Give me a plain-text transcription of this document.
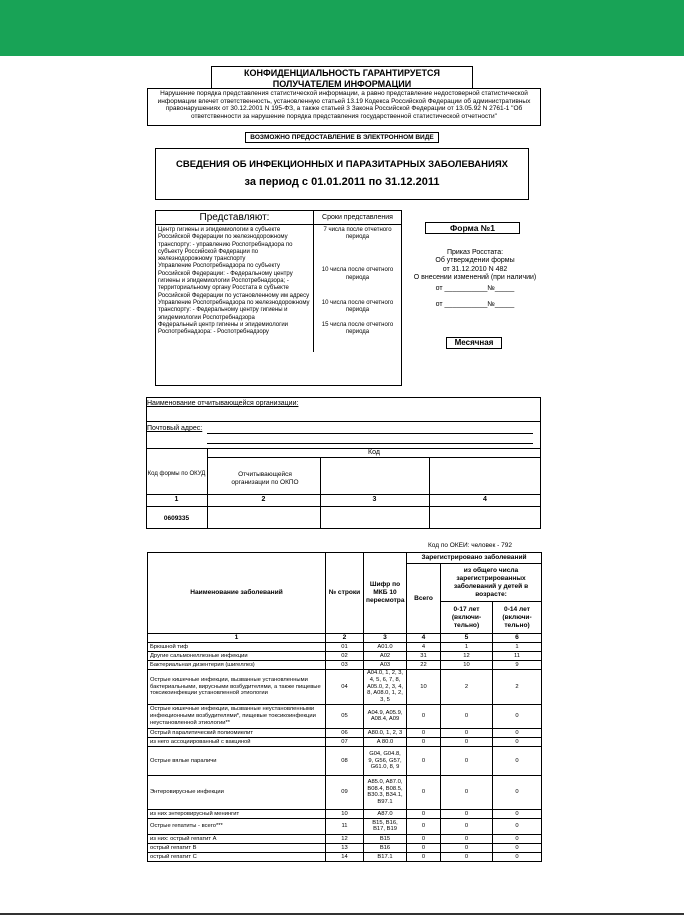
КОНФИДЕНЦИАЛЬНОСТЬ ГАРАНТИРУЕТСЯ ПОЛУЧАТЕЛЕМ ИНФОРМАЦИИ
Нарушение порядка представления статистической информации, а равно представление недостоверной статистической информации влечет ответственность, установленную статьей 13.19 Кодекса Российской Федерации об административных правонарушениях от 30.12.2001 N 195-ФЗ, а также статьей 3 Закона Российской Федерации от 13.05.92 N 2761-1 "Об ответственности за нарушение порядка представления государственной статистической отчетности"
ВОЗМОЖНО ПРЕДОСТАВЛЕНИЕ В ЭЛЕКТРОННОМ ВИДЕ
СВЕДЕНИЯ ОБ ИНФЕКЦИОННЫХ И ПАРАЗИТАРНЫХ ЗАБОЛЕВАНИЯХ
за период с 01.01.2011 по 31.12.2011
Представляют:	Сроки представления
Центр гигиены и эпидемиологии в субъекте Российской Федерации по железнодорожному транспорту: - управлению Роспотребнадзора по субъекту Российской Федерации по железнодорожному транспорту	7 числа после отчетного периода
Управление Роспотребнадзора по субъекту Российской Федерации: - Федеральному центру гигиены и эпидемиологии Роспотребнадзора; - территориальному органу Росстата в субъекте Российской Федерации по установленному им адресу	10 числа после отчетного периода
Управление Роспотребнадзора по железнодорожному транспорту: - Федеральному центру гигиены и эпидемиологии Роспотребнадзора	10 числа после отчетного периода
Федеральный центр гигиены и эпидемиологии Роспотребнадзора: - Роспотребнадзору	15 числа после отчетного периода
Форма №1
Приказ Росстата:
Об утверждении формы
от 31.12.2010 N 482
О внесении изменений (при наличии)
от ___________№_____
от ___________№_____
Месячная
Наименование отчитывающейся организации:
Почтовый адрес:
Код
Код формы по ОКУД	Отчитывающейся организации по ОКПО
1	2	3	4
0609335
Код по ОКЕИ: человек - 792
Наименование заболеваний	№ строки	Шифр по МКБ 10 пересмотра	Зарегистрировано заболеваний		
			Всего	из общего числа зарегистрированных заболеваний у детей в возрасте:	
				0-17 лет (включи-тельно)	0-14 лет (включи-тельно)
1	2	3	4	5	6
Брюшной тиф	01	A01.0	4	1	1
Другие сальмонеллезные инфекции	02	A02	31	12	11
Бактериальная дизентерия (шигеллез)	03	A03	22	10	9
Острые кишечные инфекции, вызванные установленными бактериальными, вирусными возбудителями, а также пищевые токсикоинфекции установленной этиологии	04	A04.0, 1, 2, 3, 4, 5, 6, 7, 8, A05.0, 2, 3, 4, 8, A08.0, 1, 2, 3, 5	10	2	2
Острые кишечные инфекции, вызванные неустановленными инфекционными возбудителями*, пищевые токсикоинфекции неустановленной этиологии**	05	A04.9, A05.9, A08.4, A09	0	0	0
Острый паралитический полиомиелит	06	A80.0, 1, 2, 3	0	0	0
из него ассоциированный с вакциной	07	A 80.0	0	0	0
Острые вялые параличи	08	G04, G04.8, 9, G56, G57, G61.0, 8, 9	0	0	0
Энтеровирусные инфекции	09	A85.0, A87.0, B08.4, B08.5, B30.3, B34.1, B97.1	0	0	0
из них энтеровирусный менингит	10	A87.0	0	0	0
Острые гепатиты - всего***	11	B15, B16, B17, B19	0	0	0
из них: острый гепатит A	12	B15	0	0	0
острый гепатит B	13	B16	0	0	0
острый гепатит C	14	B17.1	0	0	0
